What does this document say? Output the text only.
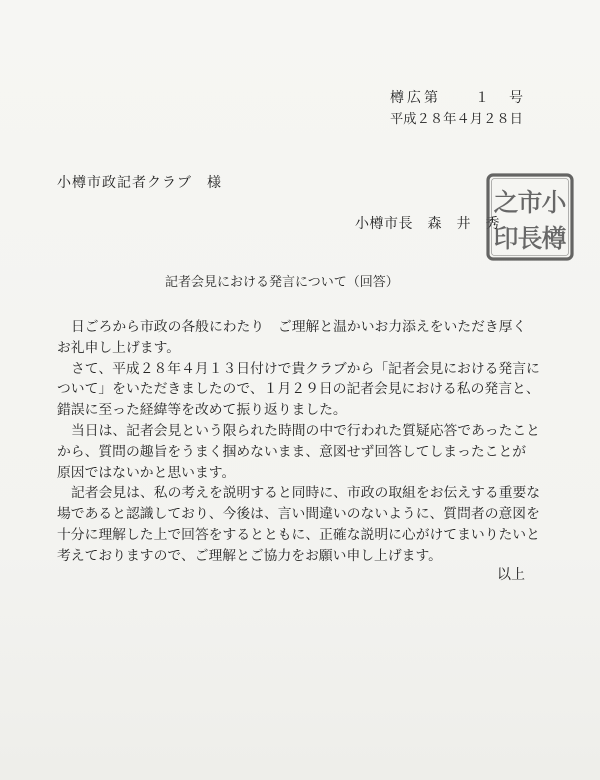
樽広第　　１　号
平成２８年４月２８日
小樽市政記者クラブ　様
小樽市長　森　井　秀
小
樽
市
長
之
印
記者会見における発言について（回答）
日ごろから市政の各般にわたり　ご理解と温かいお力添えをいただき厚く
お礼申し上げます。
さて、平成２８年４月１３日付けで貴クラブから「記者会見における発言に
ついて」をいただきましたので、１月２９日の記者会見における私の発言と、
錯誤に至った経緯等を改めて振り返りました。
当日は、記者会見という限られた時間の中で行われた質疑応答であったこと
から、質問の趣旨をうまく掴めないまま、意図せず回答してしまったことが
原因ではないかと思います。
記者会見は、私の考えを説明すると同時に、市政の取組をお伝えする重要な
場であると認識しており、今後は、言い間違いのないように、質問者の意図を
十分に理解した上で回答をするとともに、正確な説明に心がけてまいりたいと
考えておりますので、ご理解とご協力をお願い申し上げます。
以上
